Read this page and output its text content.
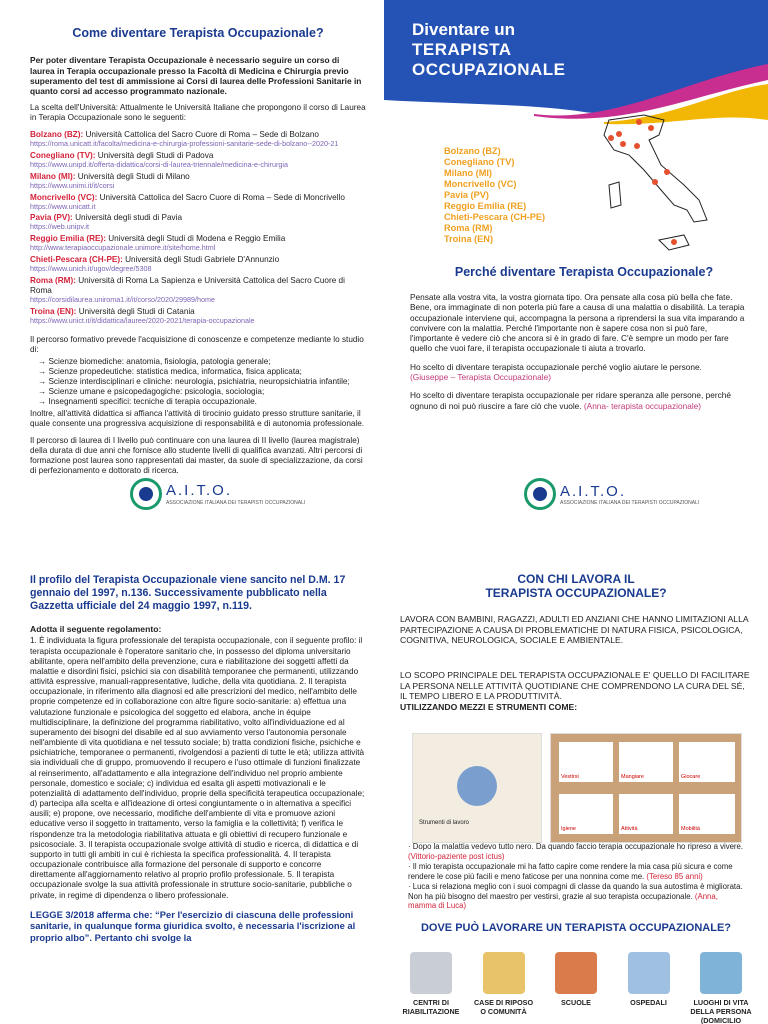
Come diventare Terapista Occupazionale?

Per poter diventare Terapista Occupazionale è necessario seguire un corso di laurea in Terapia occupazionale presso la Facoltà di Medicina e Chirurgia previo superamento del test di ammissione ai Corsi di laurea delle Professioni Sanitarie in quanto corsi ad accesso programmato nazionale.

La scelta dell'Università: Attualmente le Università Italiane che propongono il corso di Laurea in Terapia Occupazionale sono le seguenti:

Bolzano (BZ): Università Cattolica del Sacro Cuore di Roma – Sede di Bolzano
https://roma.unicatt.it/facolta/medicina-e-chirurgia-professioni-sanitarie-sede-di-bolzano--2020-21
Conegliano (TV): Università degli Studi di Padova
https://www.unipd.it/offerta-didattica/corsi-di-laurea-triennale/medicina-e-chirurgia
Milano (MI): Università degli Studi di Milano
https://www.unimi.it/it/corsi
Moncrivello (VC): Università Cattolica del Sacro Cuore di Roma – Sede di Moncrivello
https://www.unicatt.it
Pavia (PV): Università degli studi di Pavia
https://web.unipv.it
Reggio Emilia (RE): Università degli Studi di Modena e Reggio Emilia
http://www.terapiaoccupazionale.unimore.it/site/home.html
Chieti-Pescara (CH-PE): Università degli Studi Gabriele D'Annunzio
https://www.unich.it/ugov/degree/5308
Roma (RM): Università di Roma La Sapienza e Università Cattolica del Sacro Cuore di Roma
https://corsidilaurea.uniroma1.it/it/corso/2020/29989/home
Troina (EN): Università degli Studi di Catania
https://www.unict.it/it/didattica/lauree/2020-2021/terapia-occupazionale

Il percorso formativo prevede l'acquisizione di conoscenze e competenze mediante lo studio di:

→ Scienze biomediche: anatomia, fisiologia, patologia generale;
→ Scienze propedeutiche: statistica medica, informatica, fisica applicata;
→ Scienze interdisciplinari e cliniche: neurologia, psichiatria, neuropsichiatria infantile;
→ Scienze umane e psicopedagogiche: psicologia, sociologia;
→ Insegnamenti specifici: tecniche di terapia occupazionale.

Inoltre, all'attività didattica si affianca l'attività di tirocinio guidato presso strutture sanitarie, il quale consente una progressiva acquisizione di responsabilità e di autonomia professionale.

Il percorso di laurea di I livello può continuare con una laurea di II livello (laurea magistrale) della durata di due anni che fornisce allo studente livelli di qualifica avanzati. Altri percorsi di formazione post laurea sono rappresentati dai master, da suole di specializzazione, da corsi di perfezionamento e dottorato di ricerca.

A.I.T.O.
ASSOCIAZIONE ITALIANA DEI TERAPISTI OCCUPAZIONALI
Diventare un
TERAPISTA
OCCUPAZIONALE
Bolzano (BZ)
Conegliano (TV)
Milano (MI)
Moncrivello (VC)
Pavia (PV)
Reggio Emilia (RE)
Chieti-Pescara (CH-PE)
Roma (RM)
Troina (EN)
Perché diventare Terapista Occupazionale?

Pensate alla vostra vita, la vostra giornata tipo. Ora pensate alla cosa più bella che fate. Bene, ora immaginate di non poterla più fare a causa di una malattia o disabilità. La terapia occupazionale interviene qui, accompagna la persona a riprendersi la sua vita imparando a convivere con la malattia. Perché l'importante non è sapere cosa non si può fare, l'importante è vedere ciò che ancora si è in grado di fare. C'è sempre un modo per fare quello che vuoi fare, il terapista occupazionale ti aiuta a trovarlo.

Ho scelto di diventare terapista occupazionale perché voglio aiutare le persone.
(Giuseppe – Terapista Occupazionale)

Ho scelto di diventare terapista occupazionale per ridare speranza alle persone, perché ognuno di noi può riuscire a fare ciò che vuole. (Anna- terapista occupazionale)

A.I.T.O.
ASSOCIAZIONE ITALIANA DEI TERAPISTI OCCUPAZIONALI
Il profilo del Terapista Occupazionale viene sancito nel D.M. 17 gennaio del 1997, n.136. Successivamente pubblicato nella Gazzetta ufficiale del 24 maggio 1997, n.119.
Adotta il seguente regolamento:

1. È individuata la figura professionale del terapista occupazionale, con il seguente profilo: il terapista occupazionale è l'operatore sanitario che, in possesso del diploma universitario abilitante, opera nell'ambito della prevenzione, cura e riabilitazione dei soggetti affetti da malattie e disordini fisici, psichici sia con disabilità temporanee che permanenti, utilizzando attività espressive, manuali-rappresentative, ludiche, della vita quotidiana. 2. Il terapista occupazionale, in riferimento alla diagnosi ed alle prescrizioni del medico, nell'ambito delle proprie competenze ed in collaborazione con altre figure socio-sanitarie: a) effettua una valutazione funzionale e psicologica del soggetto ed elabora, anche in équipe multidisciplinare, la definizione del programma riabilitativo, volto all'individuazione ed al superamento dei bisogni del disabile ed al suo avviamento verso l'autonomia personale nell'ambiente di vita quotidiana e nel tessuto sociale; b) tratta condizioni fisiche, psichiche e psichiatriche, temporanee o permanenti, rivolgendosi a pazienti di tutte le età; utilizza attività sia individuali che di gruppo, promuovendo il recupero e l'uso ottimale di funzioni finalizzate al reinserimento, all'adattamento e alla integrazione dell'individuo nel proprio ambiente personale, domestico e sociale; c) individua ed esalta gli aspetti motivazionali e le potenzialità di adattamento dell'individuo, proprie della specificità terapeutica occupazionale; d) partecipa alla scelta e all'ideazione di ortesi congiuntamente o in alternativa a specifici ausili; e) propone, ove necessario, modifiche dell'ambiente di vita e promuove azioni educative verso il soggetto in trattamento, verso la famiglia e la collettività; f) verifica le rispondenze tra la metodologia riabilitativa attuata e gli obiettivi di recupero funzionale e psicosociale. 3. Il terapista occupazionale svolge attività di studio e ricerca, di didattica e di supporto in tutti gli ambiti in cui è richiesta la specifica professionalità. 4. Il terapista occupazionale contribuisce alla formazione del personale di supporto e concorre direttamente all'aggiornamento relativo al proprio profilo professionale. 5. Il terapista occupazionale svolge la sua attività professionale in strutture socio-sanitarie, pubbliche o private, in regime di dipendenza o libero professionale.

LEGGE 3/2018 afferma che: “Per l'esercizio di ciascuna delle professioni sanitarie, in qualunque forma giuridica svolto, è necessaria l'iscrizione al proprio albo”. Pertanto chi svolge la
CON CHI LAVORA IL
TERAPISTA OCCUPAZIONALE?
LAVORA CON BAMBINI, RAGAZZI, ADULTI ED ANZIANI CHE HANNO LIMITAZIONI ALLA PARTECIPAZIONE A CAUSA DI PROBLEMATICHE DI NATURA FISICA, PSICOLOGICA, COGNITIVA, NEUROLOGICA, SOCIALE E AMBIENTALE.
LO SCOPO PRINCIPALE DEL TERAPISTA OCCUPAZIONALE E' QUELLO DI FACILITARE LA PERSONA NELLE ATTIVITÀ QUOTIDIANE CHE COMPRENDONO LA CURA DEL SÉ, IL TEMPO LIBERO E LA PRODUTTIVITÀ.
UTILIZZANDO MEZZI E STRUMENTI COME:
Strumenti di lavoro
Vestirsi	Mangiare	Giocare
Igiene	Attività	Mobilità

· Dopo la malattia vedevo tutto nero. Da quando faccio terapia occupazionale ho ripreso a vivere. (Vittorio-paziente post ictus)

· Il mio terapista occupazionale mi ha fatto capire come rendere la mia casa più sicura e come rendere le cose più facili e meno faticose per una nonnina come me. (Tereso 85 anni)

· Luca si relaziona meglio con i suoi compagni di classe da quando la sua autostima è migliorata. Non ha più bisogno del maestro per vestirsi, grazie al suo terapista occupazionale. (Anna, mamma di Luca)

DOVE PUÒ LAVORARE UN TERAPISTA OCCUPAZIONALE?
CENTRI DI RIABILITAZIONE
CASE DI RIPOSO O COMUNITÀ
SCUOLE	OSPEDALI	LUOGHI DI VITA DELLA PERSONA (DOMICILIO
